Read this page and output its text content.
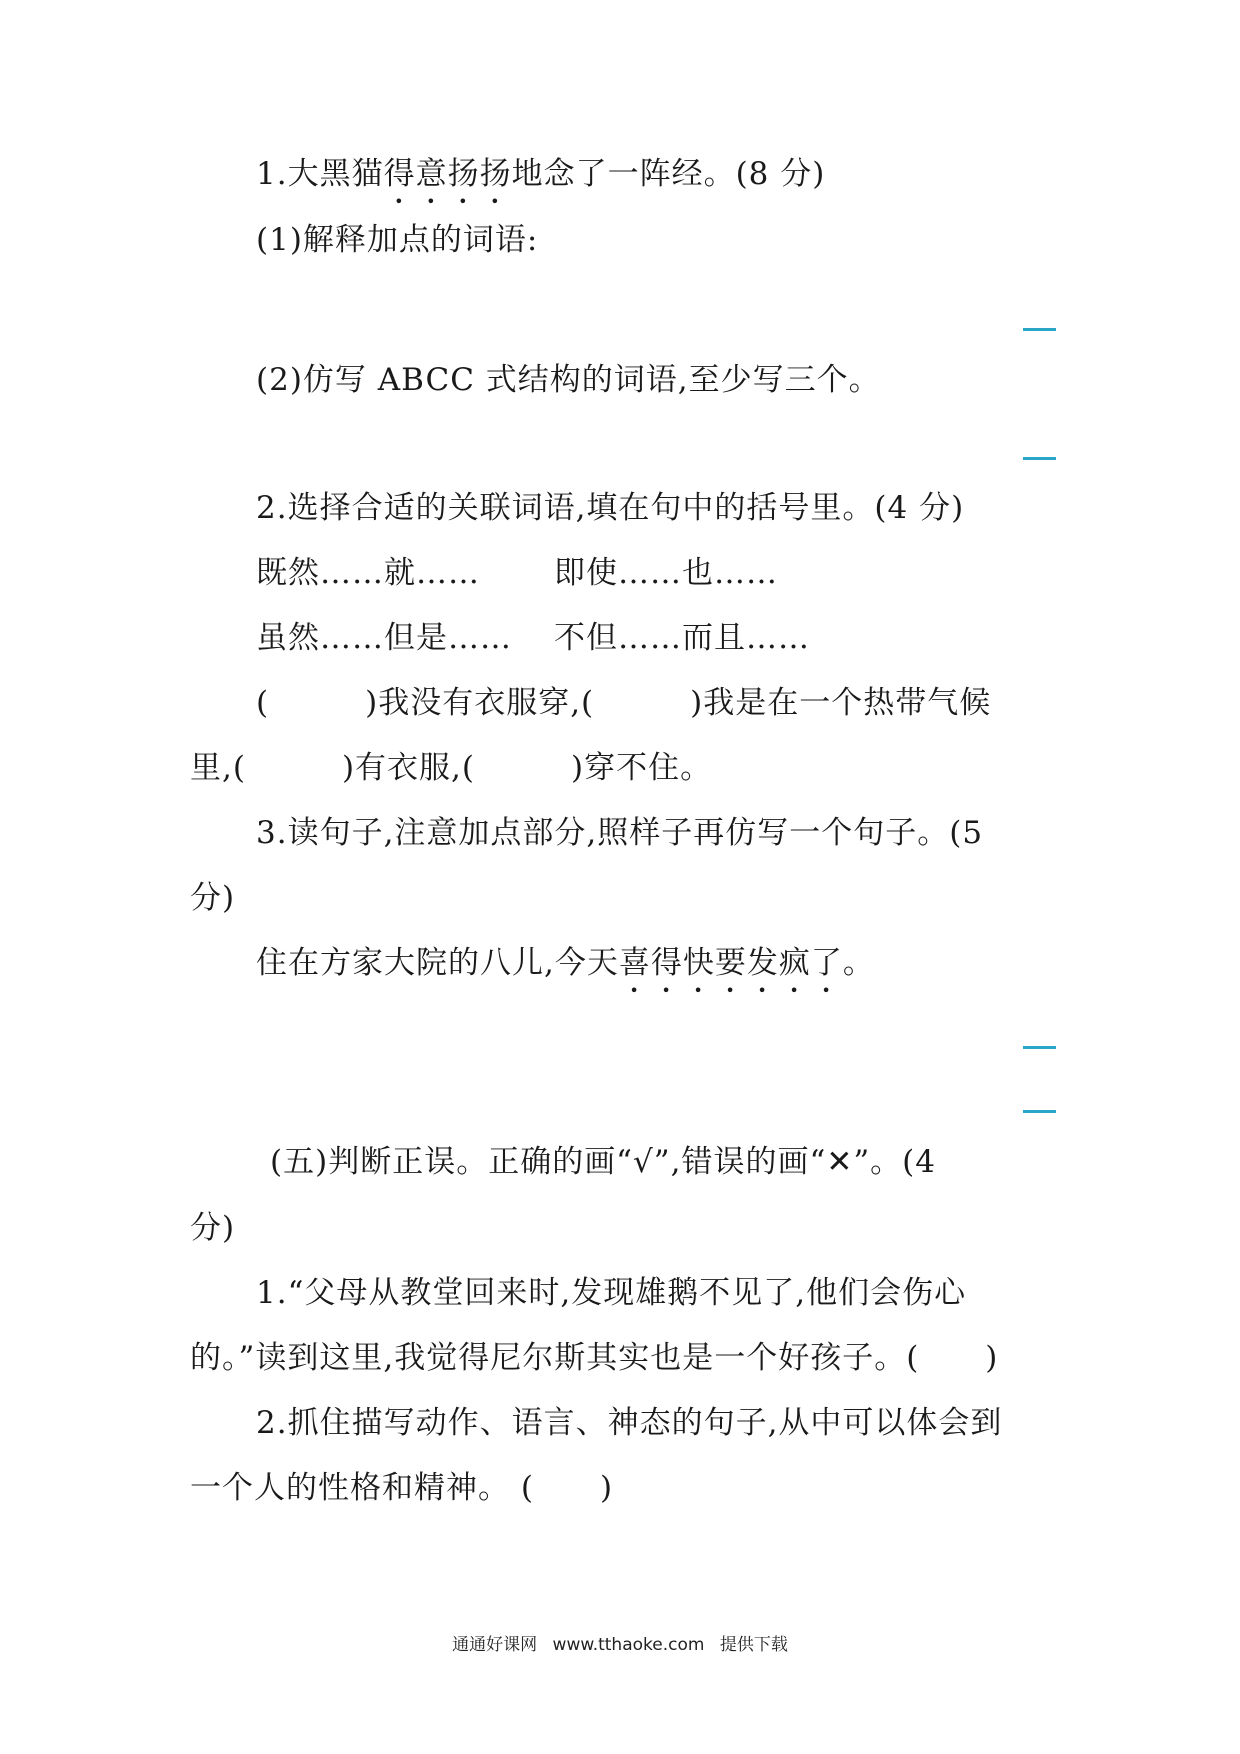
1.大黑猫得意扬扬地念了一阵经。(8 分)
(1)解释加点的词语:
(2)仿写 ABCC 式结构的词语,至少写三个。
2.选择合适的关联词语,填在句中的括号里。(4 分)
既然……就…… 即使……也……
虽然……但是…… 不但……而且……
(	)我没有衣服穿,(	)我是在一个热带气候
里,(	)有衣服,(	)穿不住。
3.读句子,注意加点部分,照样子再仿写一个句子。(5
分)
住在方家大院的八儿,今天喜得快要发疯了。
(五)判断正误。正确的画“√”,错误的画“✕”。(4
分)
1.“父母从教堂回来时,发现雄鹅不见了,他们会伤心
的。”读到这里,我觉得尼尔斯其实也是一个好孩子。( )
2.抓住描写动作、语言、神态的句子,从中可以体会到
一个人的性格和精神。 ( )
通通好课网 www.tthaoke.com 提供下载
